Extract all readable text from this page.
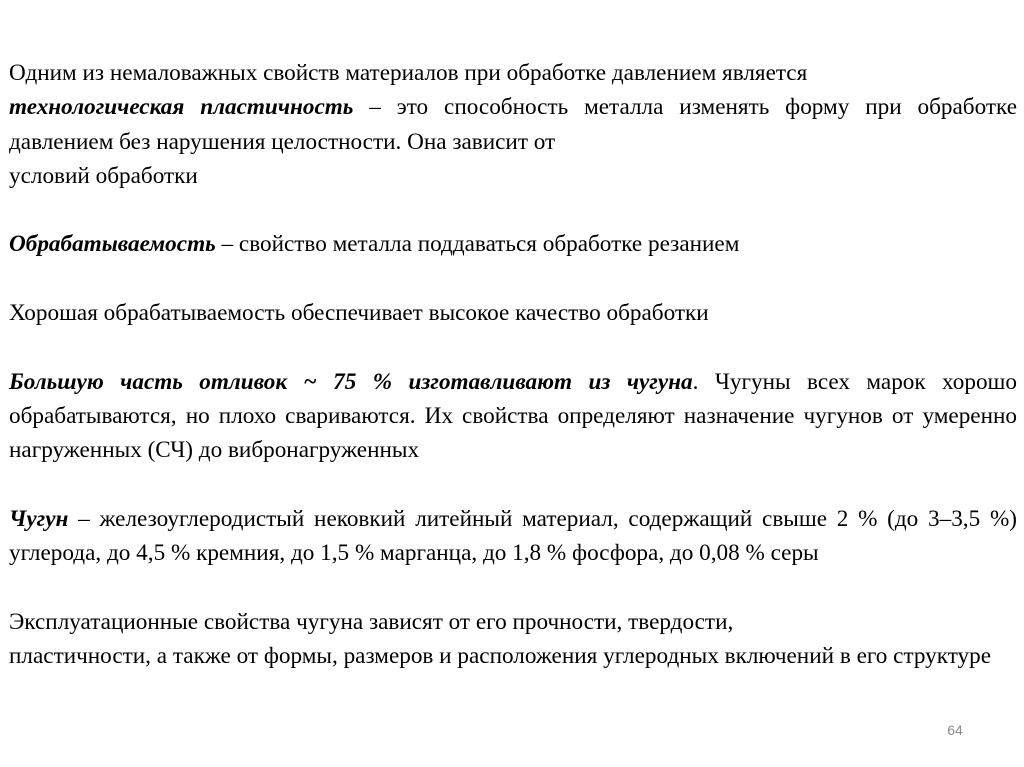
Одним из немаловажных свойств материалов при обработке давлением является
технологическая пластичность – это способность металла изменять форму при обработке давлением без нарушения целостности. Она зависит от
условий обработки
Обрабатываемость – свойство металла поддаваться обработке резанием
Хорошая обрабатываемость обеспечивает высокое качество обработки
Большую часть отливок ~ 75 % изготавливают из чугуна. Чугуны всех марок хорошо обрабатываются, но плохо свариваются. Их свойства определяют назначение чугунов от умеренно нагруженных (СЧ) до вибронагруженных
Чугун – железоуглеродистый нековкий литейный материал, содержащий свыше 2 % (до 3–3,5 %) углерода, до 4,5 % кремния, до 1,5 % марганца, до 1,8 % фосфора, до 0,08 % серы
Эксплуатационные свойства чугуна зависят от его прочности, твердости,
пластичности, а также от формы, размеров и расположения углеродных включений в его структуре
64
